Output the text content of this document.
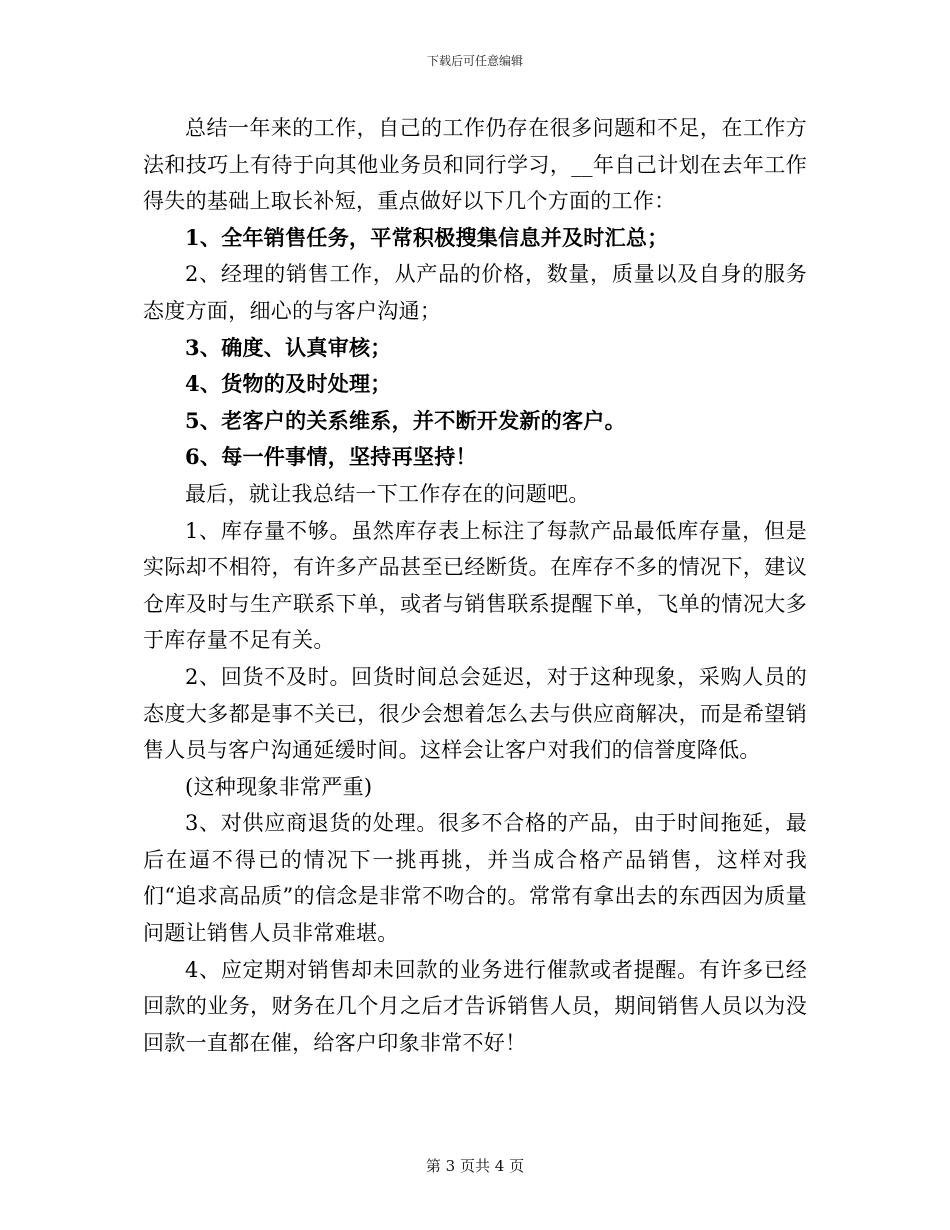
下载后可任意编辑

总结一年来的工作，自己的工作仍存在很多问题和不足，在工作方法和技巧上有待于向其他业务员和同行学习，__年自己计划在去年工作得失的基础上取长补短，重点做好以下几个方面的工作：

1、全年销售任务，平常积极搜集信息并及时汇总；

2、经理的销售工作，从产品的价格，数量，质量以及自身的服务态度方面，细心的与客户沟通；

3、确度、认真审核；

4、货物的及时处理；

5、老客户的关系维系，并不断开发新的客户。

6、每一件事情，坚持再坚持！

最后，就让我总结一下工作存在的问题吧。

1、库存量不够。虽然库存表上标注了每款产品最低库存量，但是实际却不相符，有许多产品甚至已经断货。在库存不多的情况下，建议仓库及时与生产联系下单，或者与销售联系提醒下单，飞单的情况大多于库存量不足有关。

2、回货不及时。回货时间总会延迟，对于这种现象，采购人员的态度大多都是事不关已，很少会想着怎么去与供应商解决，而是希望销售人员与客户沟通延缓时间。这样会让客户对我们的信誉度降低。

(这种现象非常严重)

3、对供应商退货的处理。很多不合格的产品，由于时间拖延，最后在逼不得已的情况下一挑再挑，并当成合格产品销售，这样对我们“追求高品质”的信念是非常不吻合的。常常有拿出去的东西因为质量问题让销售人员非常难堪。

4、应定期对销售却未回款的业务进行催款或者提醒。有许多已经回款的业务，财务在几个月之后才告诉销售人员，期间销售人员以为没回款一直都在催，给客户印象非常不好！

第 3 页共 4 页
